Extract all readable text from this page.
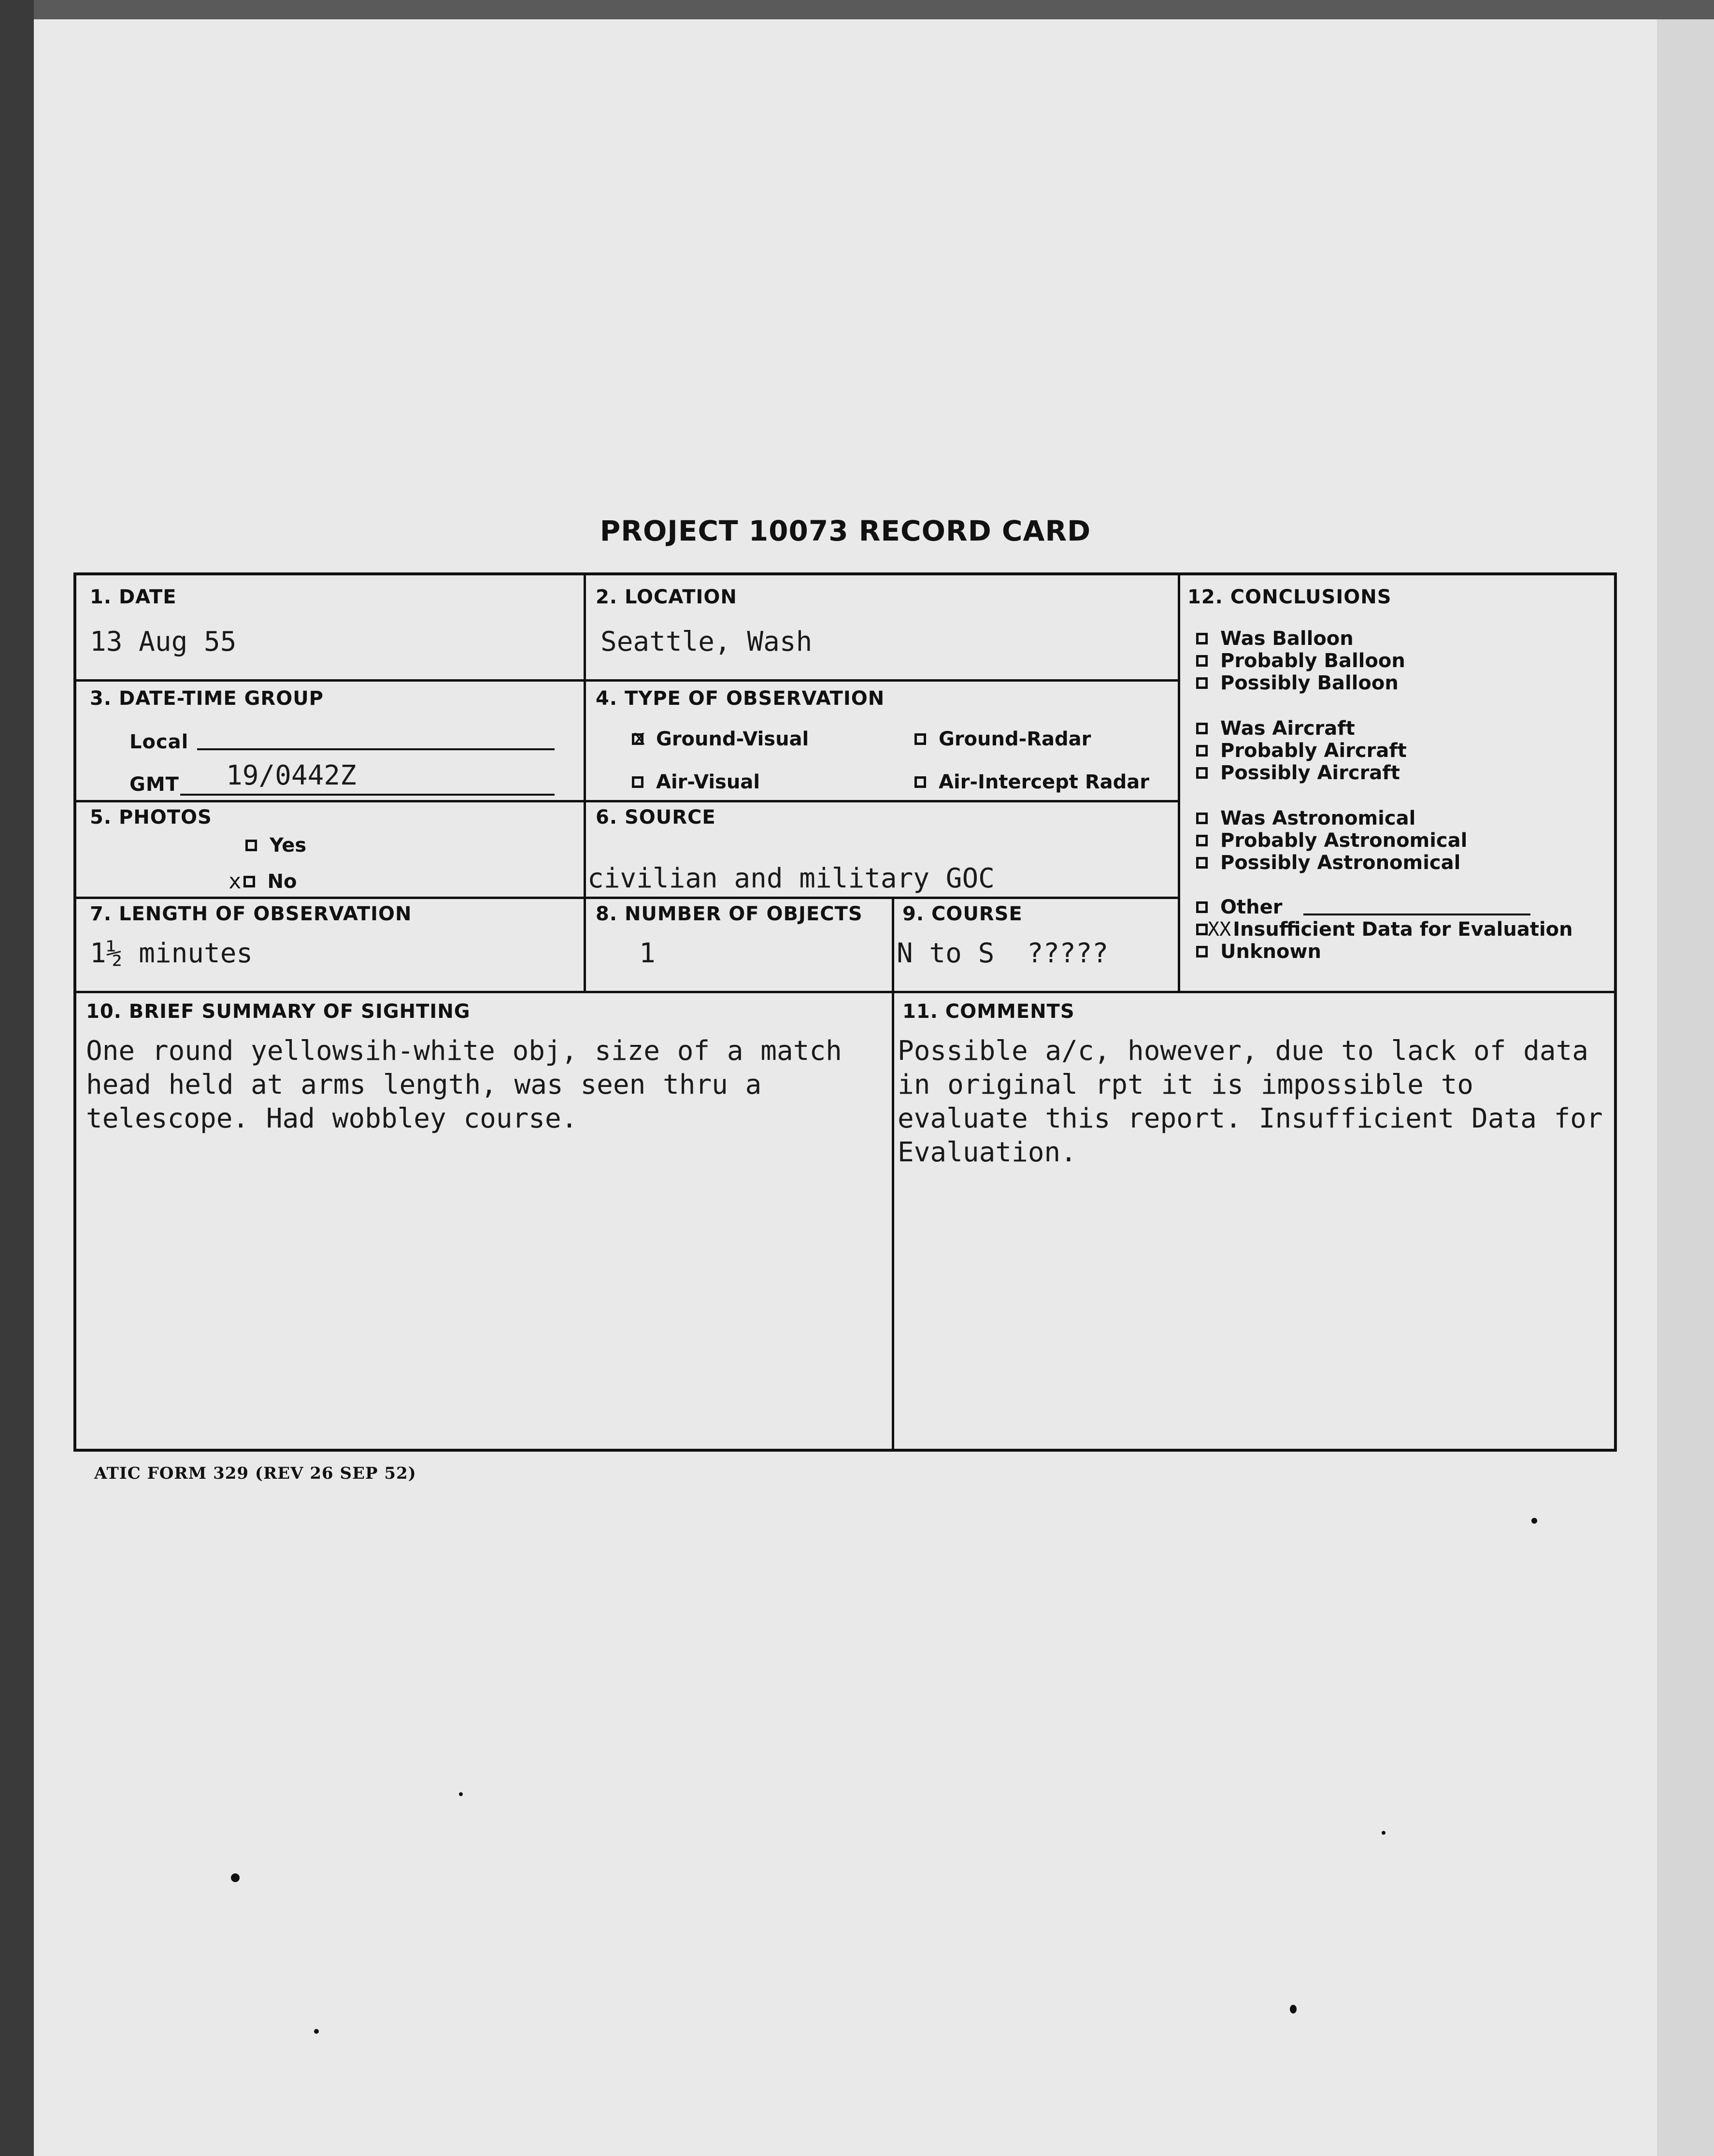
PROJECT 10073 RECORD CARD
1. DATE
13 Aug 55
2. LOCATION
Seattle, Wash
3. DATE-TIME GROUP
Local
GMT 19/0442Z
4. TYPE OF OBSERVATION
x Ground-Visual	Ground-Radar
Air-Visual	Air-Intercept Radar
5. PHOTOS
Yes
x No
6. SOURCE
civilian and military GOC
7. LENGTH OF OBSERVATION
1½ minutes
8. NUMBER OF OBJECTS
1
9. COURSE
N to S  ?????
10. BRIEF SUMMARY OF SIGHTING
One round yellowsih-white obj, size of a match head held at arms length, was seen thru a telescope. Had wobbley course.
11. COMMENTS
Possible a/c, however, due to lack of data in original rpt it is impossible to evaluate this report. Insufficient Data for Evaluation.
12. CONCLUSIONS
Was Balloon
Probably Balloon
Possibly Balloon
Was Aircraft
Probably Aircraft
Possibly Aircraft
Was Astronomical
Probably Astronomical
Possibly Astronomical
Other
XX Insufficient Data for Evaluation
Unknown
ATIC FORM 329 (REV 26 SEP 52)
